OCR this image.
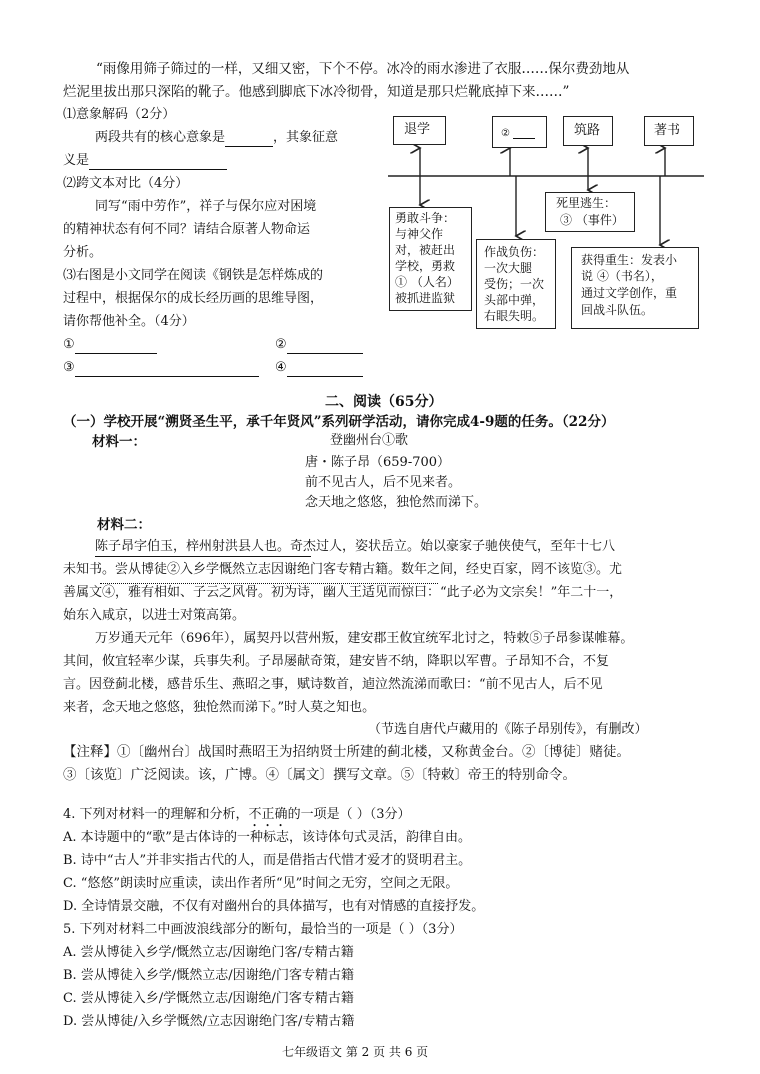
“雨像用筛子筛过的一样，又细又密，下个不停。冰冷的雨水渗进了衣服……保尔费劲地从
烂泥里拔出那只深陷的靴子。他感到脚底下冰冷彻骨，知道是那只烂靴底掉下来……”
⑴意象解码（2分）
两段共有的核心意象是	，其象征意
义是
⑵跨文本对比（4分）
同写“雨中劳作”，祥子与保尔应对困境
的精神状态有何不同？请结合原著人物命运
分析。
⑶右图是小文同学在阅读《钢铁是怎样炼成的
过程中，根据保尔的成长经历画的思维导图，
请你帮他补全。（4分）
①	②
③	④
退学	②	筑路	著书
勇敢斗争：
与神父作
对，被赶出
学校，勇救
① （人名）
被抓进监狱
作战负伤：
一次大腿
受伤；一次
头部中弹，
右眼失明。
死里逃生：
③ （事件）
获得重生：发表小
说 ④（书名），
通过文学创作，重
回战斗队伍。
二、阅读（65分）
（一）学校开展“溯贤圣生平，承千年贤风”系列研学活动，请你完成4-9题的任务。（22分）
材料一：	登幽州台①歌
唐・陈子昂（659-700）
前不见古人，后不见来者。
念天地之悠悠，独怆然而涕下。
材料二：
陈子昂字伯玉，梓州射洪县人也。奇杰过人，姿状岳立。始以豪家子驰侠使气，至年十七八
未知书。尝从博徒②入乡学慨然立志因谢绝门客专精古籍。数年之间，经史百家，罔不该览③。尤
善属文④，雅有相如、子云之风骨。初为诗，幽人王适见而惊曰：“此子必为文宗矣！”年二十一，
始东入咸京，以进士对策高第。
万岁通天元年（696年），属契丹以营州叛，建安郡王攸宜统军北讨之，特敕⑤子昂参谋帷幕。
其间，攸宜轻率少谋，兵事失利。子昂屡献奇策，建安皆不纳，降职以军曹。子昂知不合，不复
言。因登蓟北楼，感昔乐生、燕昭之事，赋诗数首，逌泣然流涕而歌曰：“前不见古人，后不见
来者，念天地之悠悠，独怆然而涕下。”时人莫之知也。
（节选自唐代卢藏用的《陈子昂别传》，有删改）
【注释】①〔幽州台〕战国时燕昭王为招纳贤士所建的蓟北楼，又称黄金台。②〔博徒〕赌徒。
③〔该览〕广泛阅读。该，广博。④〔属文〕撰写文章。⑤〔特敕〕帝王的特别命令。
4. 下列对材料一的理解和分析，不正确的一项是（ ）（3分）
A. 本诗题中的“歌”是古体诗的一种标志，该诗体句式灵活，韵律自由。
B. 诗中“古人”并非实指古代的人，而是借指古代惜才爱才的贤明君主。
C. “悠悠”朗读时应重读，读出作者所“见”时间之无穷，空间之无限。
D. 全诗情景交融，不仅有对幽州台的具体描写，也有对情感的直接抒发。
5. 下列对材料二中画波浪线部分的断句，最恰当的一项是（ ）（3分）
A. 尝从博徒入乡学/慨然立志/因谢绝门客/专精古籍
B. 尝从博徒入乡学/慨然立志/因谢绝/门客专精古籍
C. 尝从博徒入乡/学慨然立志/因谢绝/门客专精古籍
D. 尝从博徒/入乡学慨然/立志因谢绝门客/专精古籍
七年级语文 第 2 页 共 6 页
